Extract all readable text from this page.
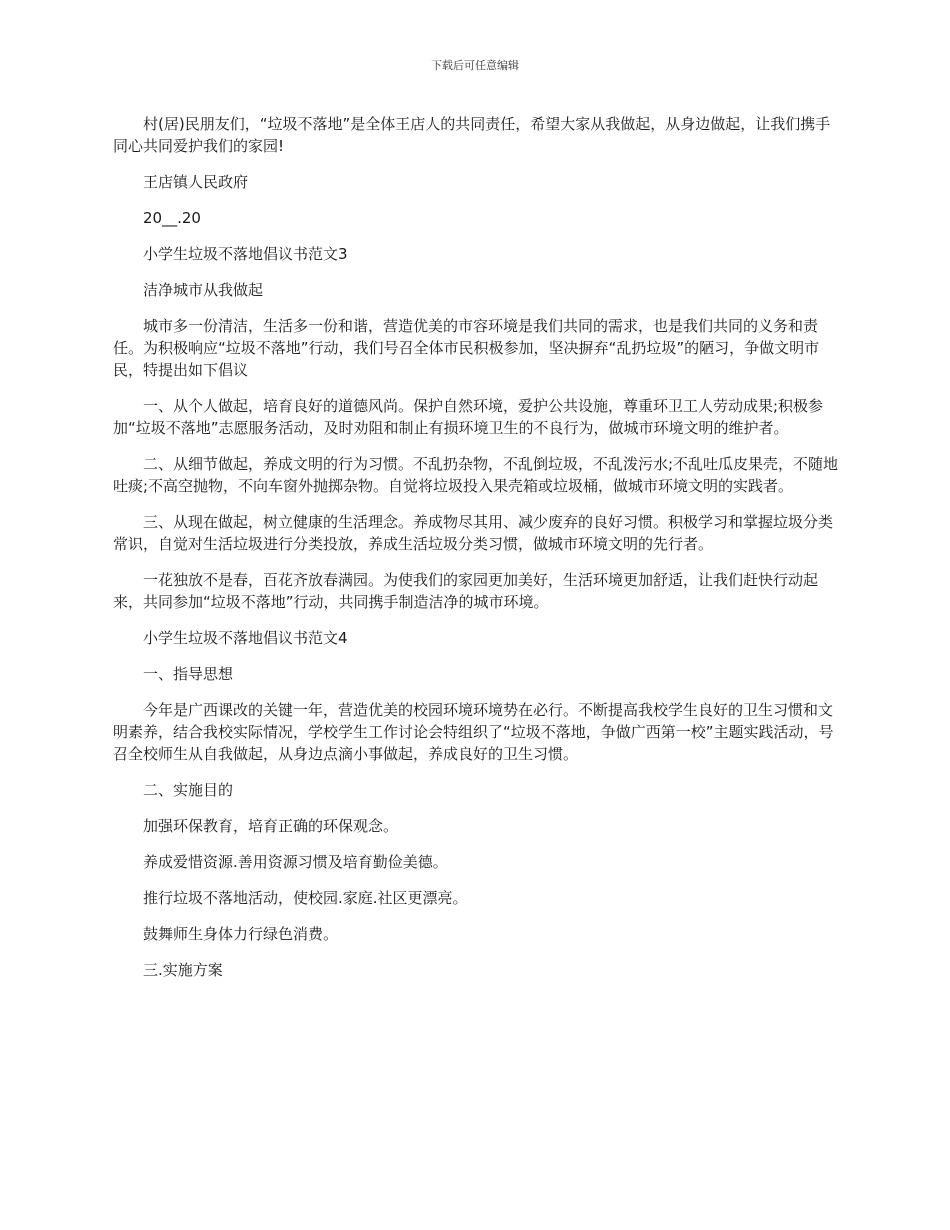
下载后可任意编辑

村(居)民朋友们，“垃圾不落地”是全体王店人的共同责任，希望大家从我做起，从身边做起，让我们携手同心共同爱护我们的家园!

王店镇人民政府

20__.20

小学生垃圾不落地倡议书范文3

洁净城市从我做起

城市多一份清洁，生活多一份和谐，营造优美的市容环境是我们共同的需求，也是我们共同的义务和责任。为积极响应“垃圾不落地”行动，我们号召全体市民积极参加，坚决摒弃“乱扔垃圾”的陋习，争做文明市民，特提出如下倡议

一、从个人做起，培育良好的道德风尚。保护自然环境，爱护公共设施，尊重环卫工人劳动成果;积极参加“垃圾不落地”志愿服务活动，及时劝阻和制止有损环境卫生的不良行为，做城市环境文明的维护者。

二、从细节做起，养成文明的行为习惯。不乱扔杂物，不乱倒垃圾，不乱泼污水;不乱吐瓜皮果壳，不随地吐痰;不高空抛物，不向车窗外抛掷杂物。自觉将垃圾投入果壳箱或垃圾桶，做城市环境文明的实践者。

三、从现在做起，树立健康的生活理念。养成物尽其用、减少废弃的良好习惯。积极学习和掌握垃圾分类常识，自觉对生活垃圾进行分类投放，养成生活垃圾分类习惯，做城市环境文明的先行者。

一花独放不是春，百花齐放春满园。为使我们的家园更加美好，生活环境更加舒适，让我们赶快行动起来，共同参加“垃圾不落地”行动，共同携手制造洁净的城市环境。

小学生垃圾不落地倡议书范文4

一、指导思想

今年是广西课改的关键一年，营造优美的校园环境环境势在必行。不断提高我校学生良好的卫生习惯和文明素养，结合我校实际情况，学校学生工作讨论会特组织了“垃圾不落地，争做广西第一校”主题实践活动，号召全校师生从自我做起，从身边点滴小事做起，养成良好的卫生习惯。

二、实施目的

加强环保教育，培育正确的环保观念。

养成爱惜资源.善用资源习惯及培育勤俭美德。

推行垃圾不落地活动，使校园.家庭.社区更漂亮。

鼓舞师生身体力行绿色消费。

三.实施方案
